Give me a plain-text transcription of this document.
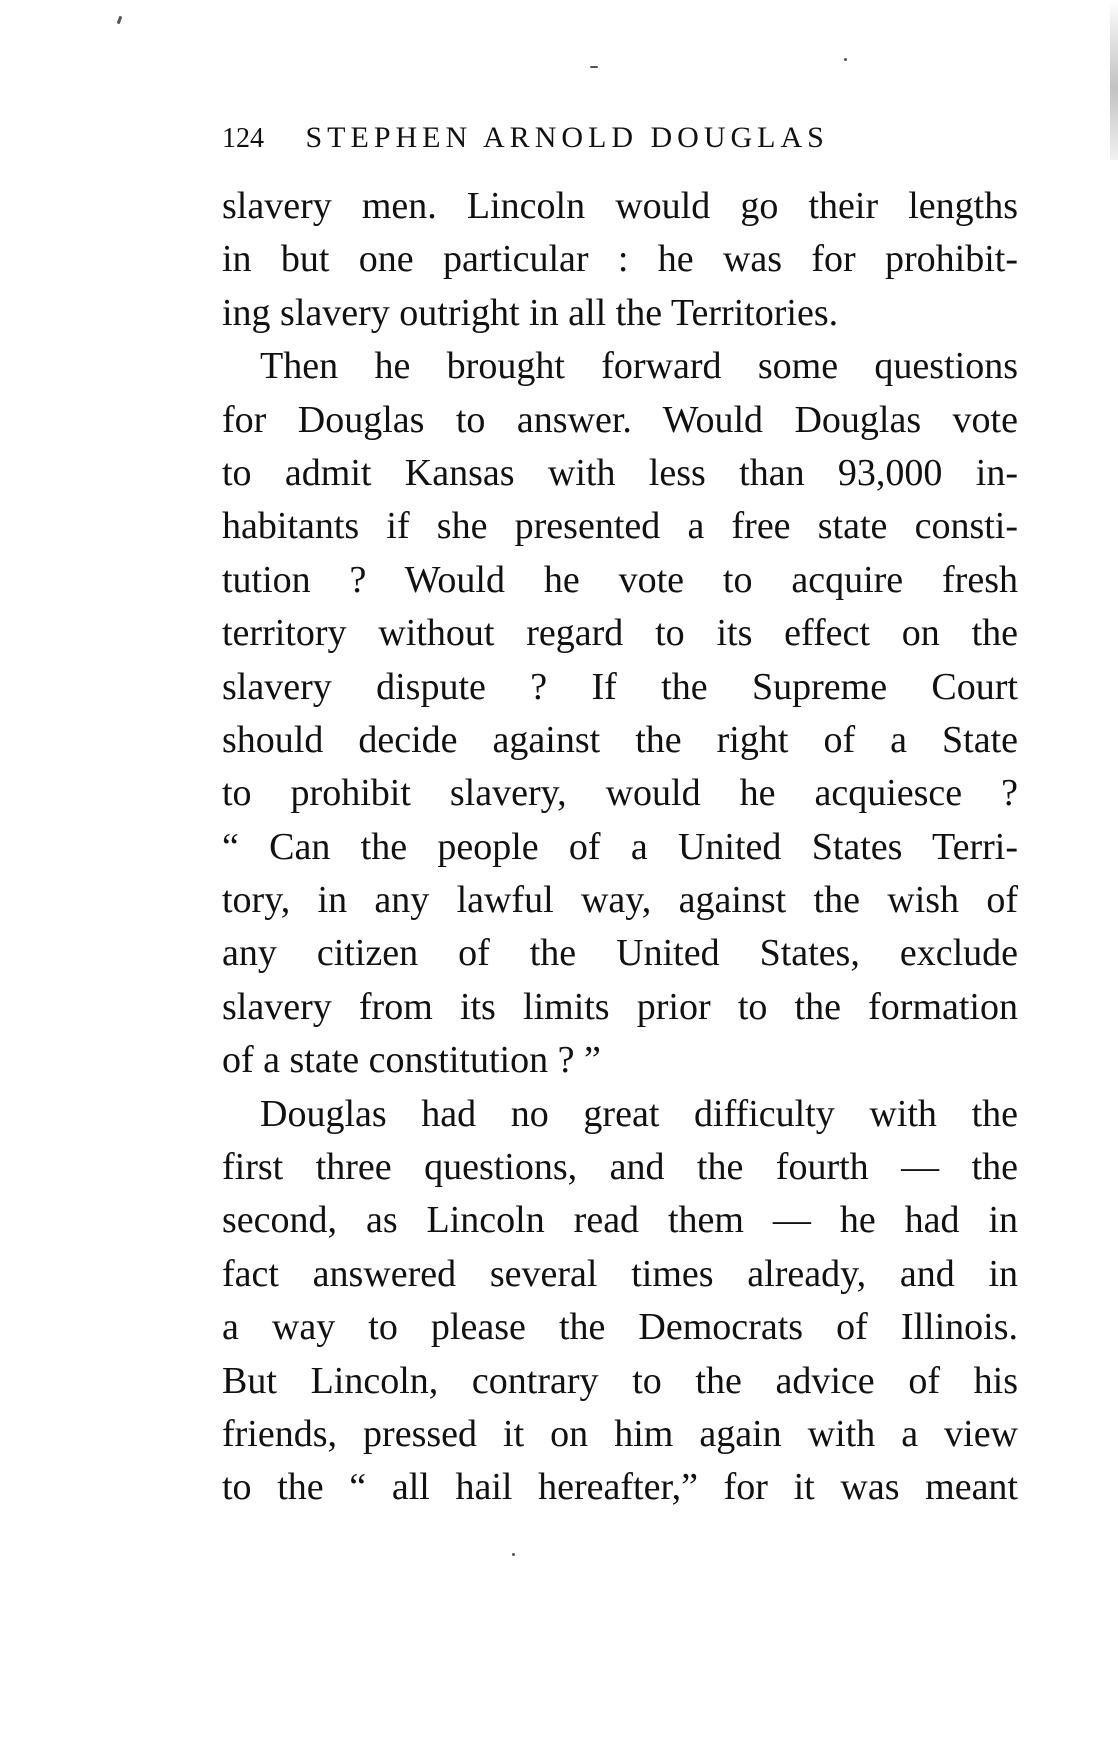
124 STEPHEN ARNOLD DOUGLAS
slavery men. Lincoln would go their lengths
in but one particular : he was for prohibit-
ing slavery outright in all the Territories.
Then he brought forward some questions
for Douglas to answer. Would Douglas vote
to admit Kansas with less than 93,000 in-
habitants if she presented a free state consti-
tution ? Would he vote to acquire fresh
territory without regard to its effect on the
slavery dispute ? If the Supreme Court
should decide against the right of a State
to prohibit slavery, would he acquiesce ?
“ Can the people of a United States Terri-
tory, in any lawful way, against the wish of
any citizen of the United States, exclude
slavery from its limits prior to the formation
of a state constitution ? ”
Douglas had no great difficulty with the
first three questions, and the fourth — the
second, as Lincoln read them — he had in
fact answered several times already, and in
a way to please the Democrats of Illinois.
But Lincoln, contrary to the advice of his
friends, pressed it on him again with a view
to the “ all hail hereafter,” for it was meant
